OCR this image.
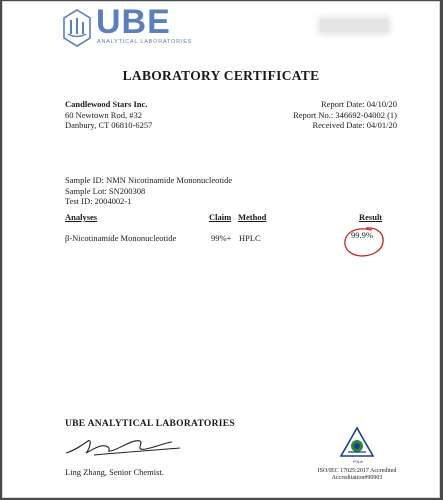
UBE
ANALYTICAL LABORATORIES
LABORATORY CERTIFICATE
Candlewood Stars Inc.
60 Newtown Rod, #32
Danbury, CT 06810-6257
Report Date: 04/10/20
Report No.: 346692-04002 (1)
Received Date: 04/01/20
Sample ID: NMN Nicotinamide Mononucleotide
Sample Lot: SN200308
Test ID: 2004002-1
Analyses	Claim Method	Result
β-Nicotinamide Mononucleotide	99%+ HPLC	99.9%
UBE ANALYTICAL LABORATORIES
Ling Zhang, Senior Chemist.
PJLA
ISO/IEC 17025:2017 Accredited
Accreditation#90903
